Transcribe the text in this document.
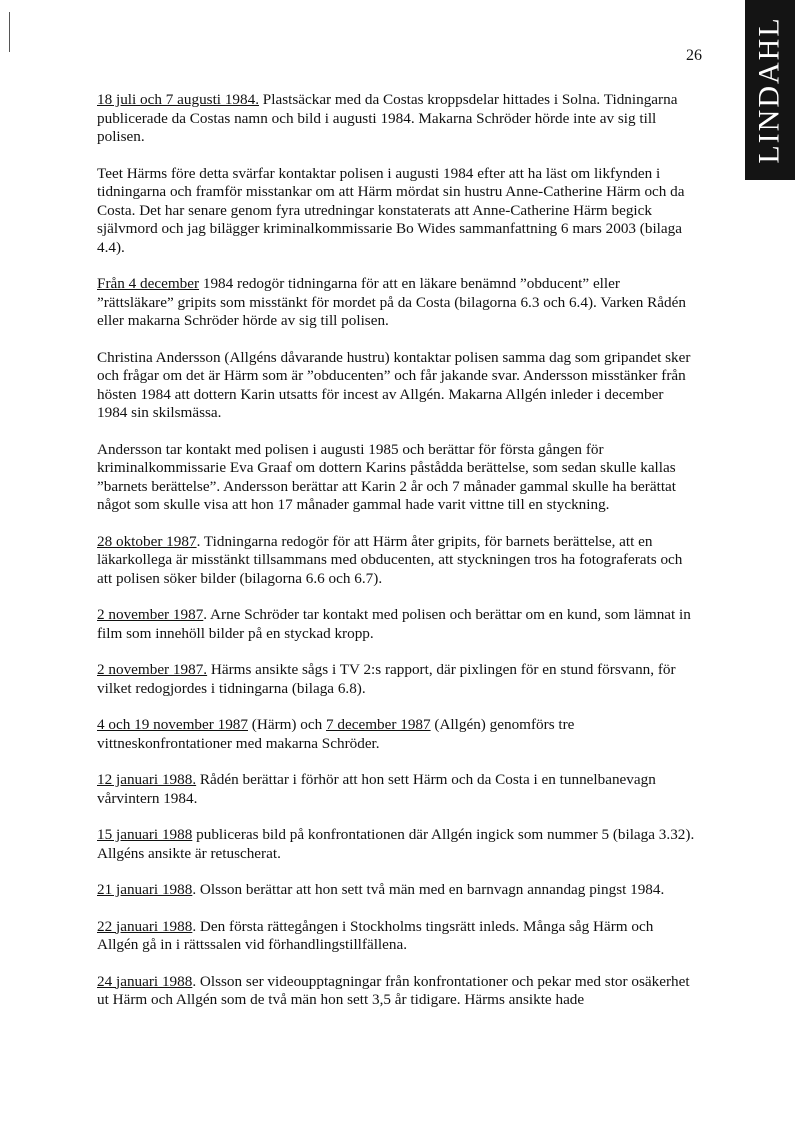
LINDAHL
26

18 juli och 7 augusti 1984. Plastsäckar med da Costas kroppsdelar hittades i Solna. Tidningarna publicerade da Costas namn och bild i augusti 1984. Makarna Schröder hörde inte av sig till polisen.

Teet Härms före detta svärfar kontaktar polisen i augusti 1984 efter att ha läst om likfynden i tidningarna och framför misstankar om att Härm mördat sin hustru Anne-Catherine Härm och da Costa. Det har senare genom fyra utredningar konstaterats att Anne-Catherine Härm begick självmord och jag bilägger kriminalkommissarie Bo Wides sammanfattning 6 mars 2003 (bilaga 4.4).

Från 4 december 1984 redogör tidningarna för att en läkare benämnd ”obducent” eller ”rättsläkare” gripits som misstänkt för mordet på da Costa (bilagorna 6.3 och 6.4). Varken Rådén eller makarna Schröder hörde av sig till polisen.

Christina Andersson (Allgéns dåvarande hustru) kontaktar polisen samma dag som gripandet sker och frågar om det är Härm som är ”obducenten” och får jakande svar. Andersson misstänker från hösten 1984 att dottern Karin utsatts för incest av Allgén. Makarna Allgén inleder i december 1984 sin skilsmässa.

Andersson tar kontakt med polisen i augusti 1985 och berättar för första gången för kriminalkommissarie Eva Graaf om dottern Karins påstådda berättelse, som sedan skulle kallas ”barnets berättelse”. Andersson berättar att Karin 2 år och 7 månader gammal skulle ha berättat något som skulle visa att hon 17 månader gammal hade varit vittne till en styckning.

28 oktober 1987. Tidningarna redogör för att Härm åter gripits, för barnets berättelse, att en läkarkollega är misstänkt tillsammans med obducenten, att styckningen tros ha fotograferats och att polisen söker bilder (bilagorna 6.6 och 6.7).

2 november 1987. Arne Schröder tar kontakt med polisen och berättar om en kund, som lämnat in film som innehöll bilder på en styckad kropp.

2 november 1987. Härms ansikte sågs i TV 2:s rapport, där pixlingen för en stund försvann, för vilket redogjordes i tidningarna (bilaga 6.8).

4 och 19 november 1987 (Härm) och 7 december 1987 (Allgén) genomförs tre vittneskonfrontationer med makarna Schröder.

12 januari 1988. Rådén berättar i förhör att hon sett Härm och da Costa i en tunnelbanevagn vårvintern 1984.

15 januari 1988 publiceras bild på konfrontationen där Allgén ingick som nummer 5 (bilaga 3.32). Allgéns ansikte är retuscherat.

21 januari 1988. Olsson berättar att hon sett två män med en barnvagn annandag pingst 1984.

22 januari 1988. Den första rättegången i Stockholms tingsrätt inleds. Många såg Härm och Allgén gå in i rättssalen vid förhandlingstillfällena.

24 januari 1988. Olsson ser videoupptagningar från konfrontationer och pekar med stor osäkerhet ut Härm och Allgén som de två män hon sett 3,5 år tidigare. Härms ansikte hade
